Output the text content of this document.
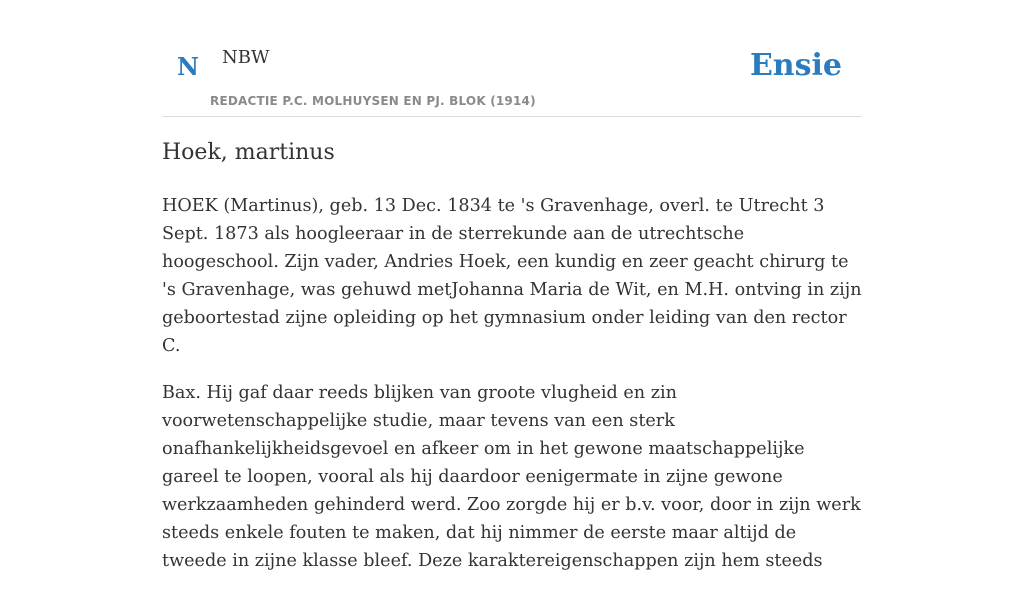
N NBW
REDACTIE P.C. MOLHUYSEN EN PJ. BLOK (1914)
Ensie
Hoek, martinus

HOEK (Martinus), geb. 13 Dec. 1834 te 's Gravenhage, overl. te Utrecht 3 Sept. 1873 als hoogleeraar in de sterrekunde aan de utrechtsche hoogeschool. Zijn vader, Andries Hoek, een kundig en zeer geacht chirurg te 's Gravenhage, was gehuwd metJohanna Maria de Wit, en M.H. ontving in zijn geboortestad zijne opleiding op het gymnasium onder leiding van den rector C.

Bax. Hij gaf daar reeds blijken van groote vlugheid en zin voorwetenschappelijke studie, maar tevens van een sterk onafhankelijkheidsgevoel en afkeer om in het gewone maatschappelijke gareel te loopen, vooral als hij daardoor eenigermate in zijne gewone werkzaamheden gehinderd werd. Zoo zorgde hij er b.v. voor, door in zijn werk steeds enkele fouten te maken, dat hij nimmer de eerste maar altijd de tweede in zijne klasse bleef. Deze karaktereigenschappen zijn hem steeds
